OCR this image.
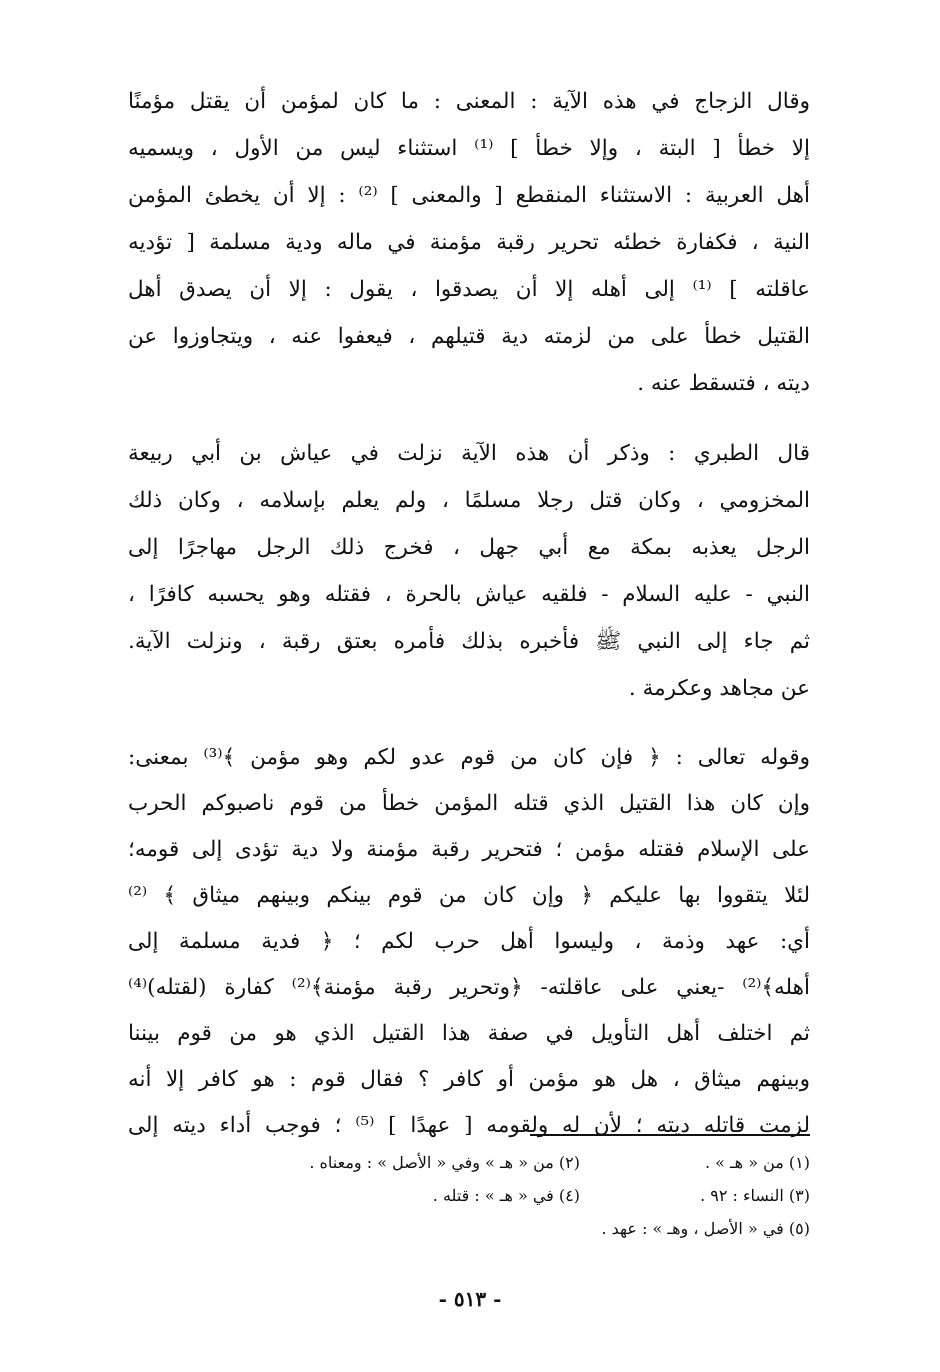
وقال الزجاج في هذه الآية : المعنى : ما كان لمؤمن أن يقتل مؤمنًا
إلا خطأ [ البتة ، وإلا خطأ ] ⁽¹⁾ استثناء ليس من الأول ، ويسميه
أهل العربية : الاستثناء المنقطع [ والمعنى ] ⁽²⁾ : إلا أن يخطئ المؤمن
النية ، فكفارة خطئه تحرير رقبة مؤمنة في ماله ودية مسلمة [ تؤديه
عاقلته ] ⁽¹⁾ إلى أهله إلا أن يصدقوا ، يقول : إلا أن يصدق أهل
القتيل خطأ على من لزمته دية قتيلهم ، فيعفوا عنه ، ويتجاوزوا عن
ديته ، فتسقط عنه .
قال الطبري : وذكر أن هذه الآية نزلت في عياش بن أبي ربيعة
المخزومي ، وكان قتل رجلا مسلمًا ، ولم يعلم بإسلامه ، وكان ذلك
الرجل يعذبه بمكة مع أبي جهل ، فخرج ذلك الرجل مهاجرًا إلى
النبي - عليه السلام - فلقيه عياش بالحرة ، فقتله وهو يحسبه كافرًا ،
ثم جاء إلى النبي ﷺ فأخبره بذلك فأمره بعتق رقبة ، ونزلت الآية.
عن مجاهد وعكرمة .
وقوله تعالى : ﴿ فإن كان من قوم عدو لكم وهو مؤمن ﴾⁽³⁾ بمعنى:
وإن كان هذا القتيل الذي قتله المؤمن خطأ من قوم ناصبوكم الحرب
على الإسلام فقتله مؤمن ؛ فتحرير رقبة مؤمنة ولا دية تؤدى إلى قومه؛
لئلا يتقووا بها عليكم ﴿ وإن كان من قوم بينكم وبينهم ميثاق ﴾ ⁽²⁾
أي: عهد وذمة ، وليسوا أهل حرب لكم ؛ ﴿ فدية مسلمة إلى
أهله﴾⁽²⁾ -يعني على عاقلته- ﴿وتحرير رقبة مؤمنة﴾⁽²⁾ كفارة (لقتله)⁽⁴⁾
ثم اختلف أهل التأويل في صفة هذا القتيل الذي هو من قوم بيننا
وبينهم ميثاق ، هل هو مؤمن أو كافر ؟ فقال قوم : هو كافر إلا أنه
لزمت قاتله ديته ؛ لأن له ولقومه [ عهدًا ] ⁽⁵⁾ ؛ فوجب أداء ديته إلى
(١) من « هـ » .
(٢) من « هـ » وفي « الأصل » : ومعناه .
(٣) النساء : ٩٢ .
(٤) في « هـ » : قتله .
(٥) في « الأصل ، وهـ » : عهد .
- ٥١٣ -
